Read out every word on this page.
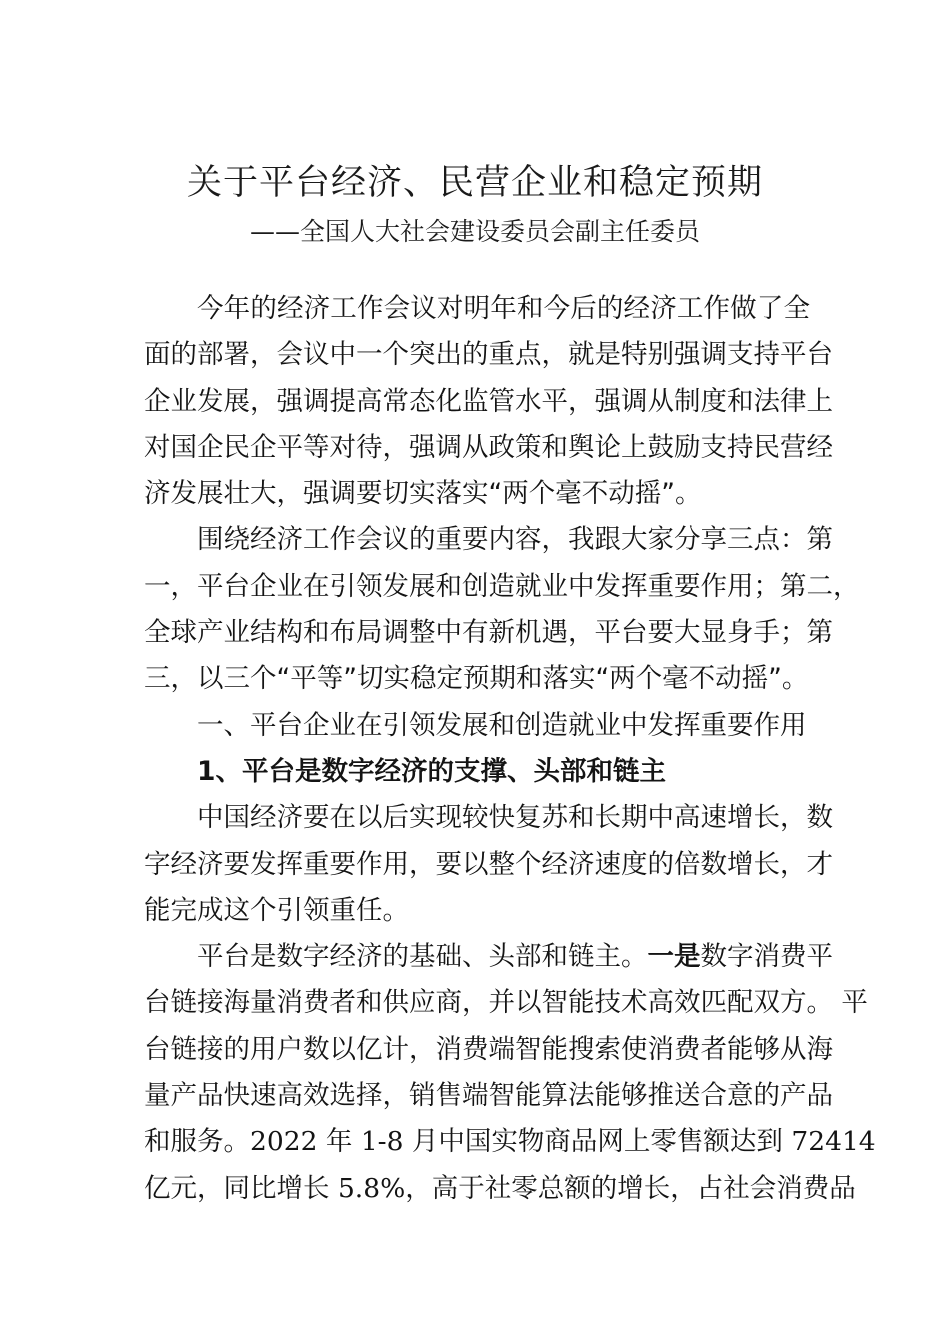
关于平台经济、民营企业和稳定预期
——全国人大社会建设委员会副主任委员
今年的经济工作会议对明年和今后的经济工作做了全
面的部署，会议中一个突出的重点，就是特别强调支持平台
企业发展，强调提高常态化监管水平，强调从制度和法律上
对国企民企平等对待，强调从政策和舆论上鼓励支持民营经
济发展壮大，强调要切实落实“两个毫不动摇”。
围绕经济工作会议的重要内容，我跟大家分享三点：第
一，平台企业在引领发展和创造就业中发挥重要作用；第二，
全球产业结构和布局调整中有新机遇，平台要大显身手；第
三，以三个“平等”切实稳定预期和落实“两个毫不动摇”。
一、平台企业在引领发展和创造就业中发挥重要作用
1、平台是数字经济的支撑、头部和链主
中国经济要在以后实现较快复苏和长期中高速增长，数
字经济要发挥重要作用，要以整个经济速度的倍数增长，才
能完成这个引领重任。
平台是数字经济的基础、头部和链主。一是数字消费平
台链接海量消费者和供应商，并以智能技术高效匹配双方。 平
台链接的用户数以亿计，消费端智能搜索使消费者能够从海
量产品快速高效选择，销售端智能算法能够推送合意的产品
和服务。2022 年 1-8 月中国实物商品网上零售额达到 72414
亿元，同比增长 5.8%，高于社零总额的增长，占社会消费品
